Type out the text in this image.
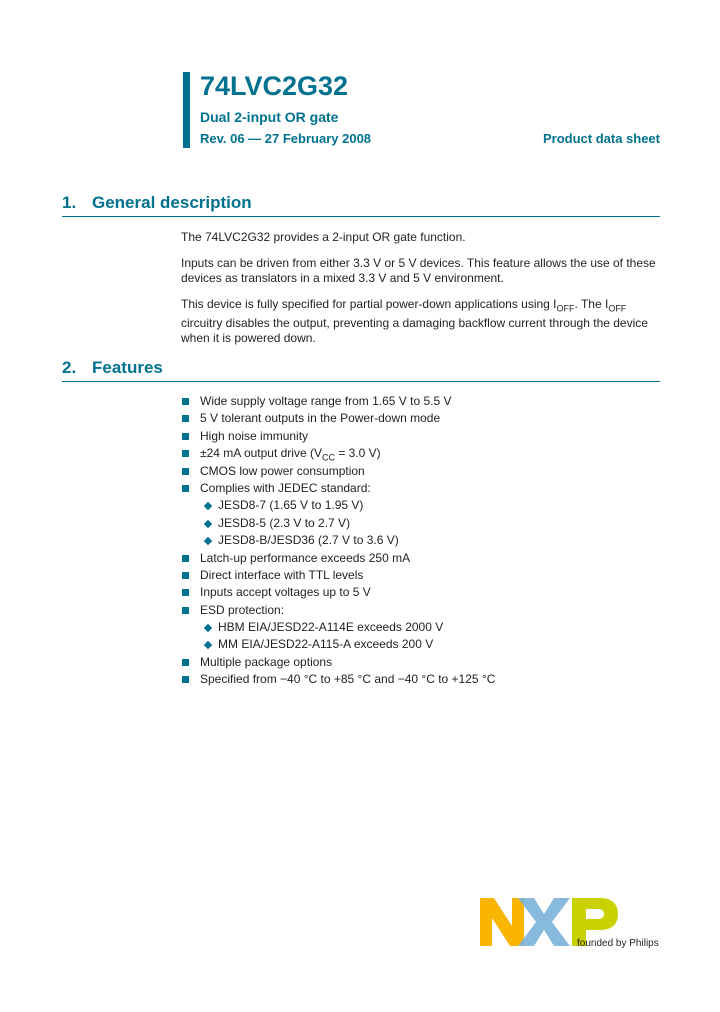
74LVC2G32
Dual 2-input OR gate
Rev. 06 — 27 February 2008	Product data sheet
1. General description
The 74LVC2G32 provides a 2-input OR gate function.
Inputs can be driven from either 3.3 V or 5 V devices. This feature allows the use of these devices as translators in a mixed 3.3 V and 5 V environment.
This device is fully specified for partial power-down applications using $I_{OFF}$. The $I_{OFF}$ circuitry disables the output, preventing a damaging backflow current through the device when it is powered down.
2. Features
Wide supply voltage range from 1.65 V to 5.5 V
5 V tolerant outputs in the Power-down mode
High noise immunity
±24 mA output drive ($V_{CC} = 3.0$ V)
CMOS low power consumption
Complies with JEDEC standard:
JESD8-7 (1.65 V to 1.95 V)
JESD8-5 (2.3 V to 2.7 V)
JESD8-B/JESD36 (2.7 V to 3.6 V)
Latch-up performance exceeds 250 mA
Direct interface with TTL levels
Inputs accept voltages up to 5 V
ESD protection:
HBM EIA/JESD22-A114E exceeds 2000 V
MM EIA/JESD22-A115-A exceeds 200 V
Multiple package options
Specified from −40 °C to +85 °C and −40 °C to +125 °C
founded by Philips
